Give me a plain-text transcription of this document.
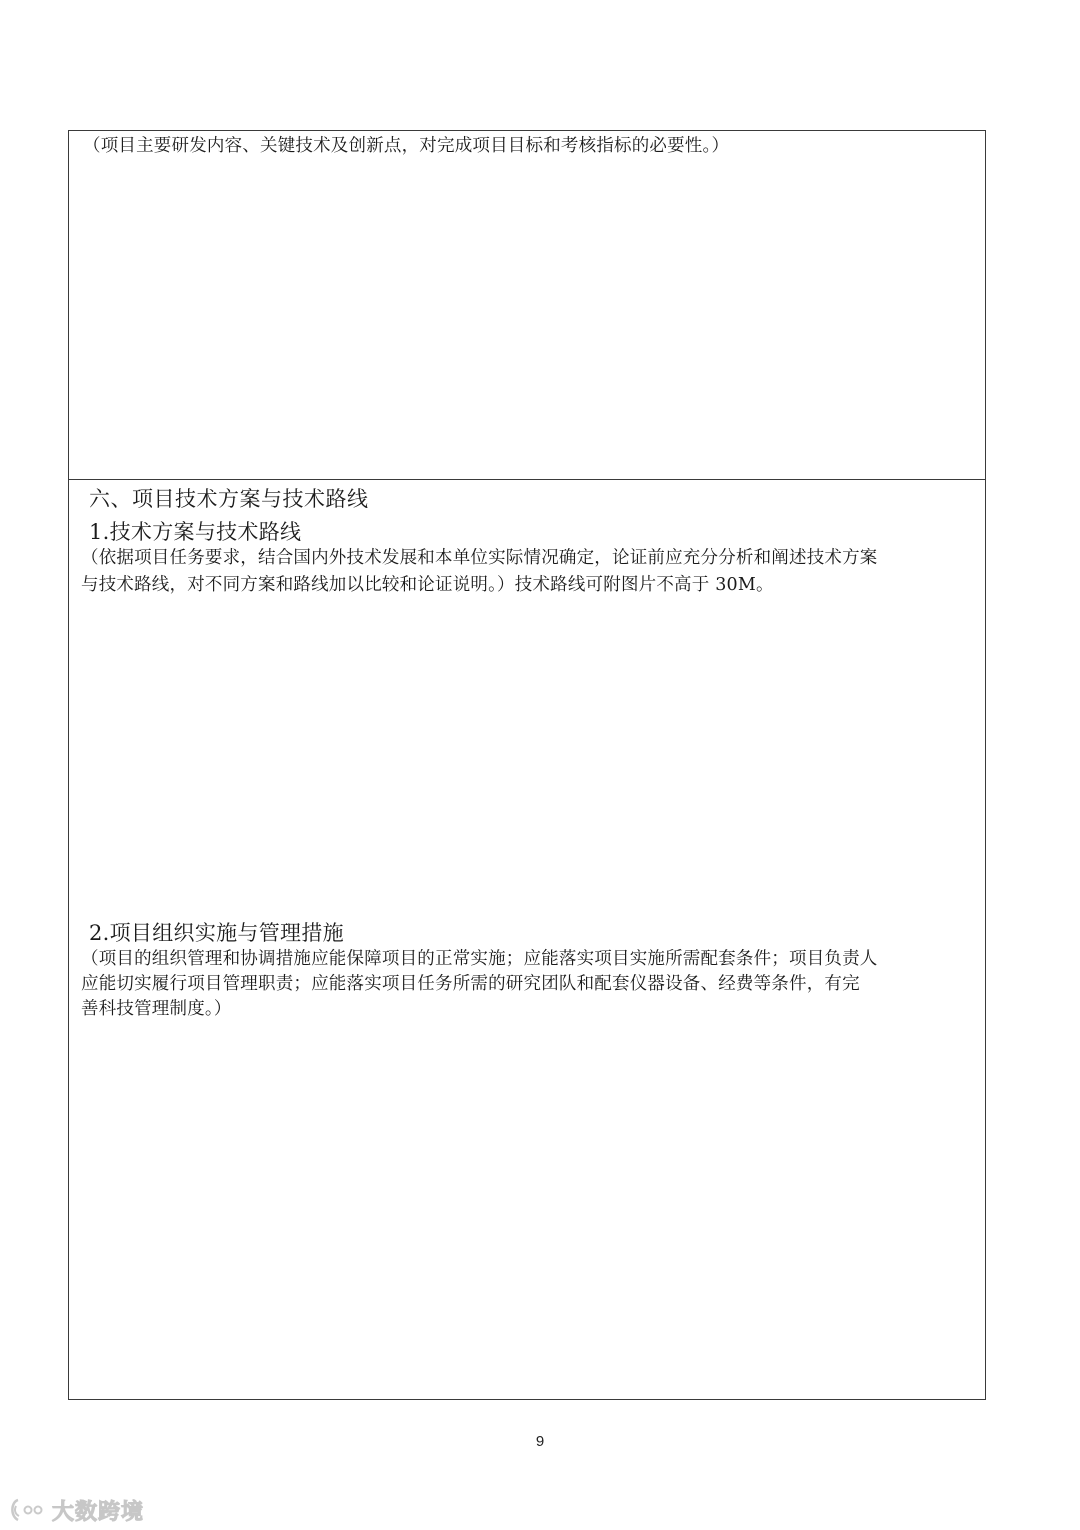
（项目主要研发内容、关键技术及创新点，对完成项目目标和考核指标的必要性。）
六、项目技术方案与技术路线
1.技术方案与技术路线
（依据项目任务要求，结合国内外技术发展和本单位实际情况确定，论证前应充分分析和阐述技术方案
与技术路线，对不同方案和路线加以比较和论证说明。）技术路线可附图片不高于 30M。
2.项目组织实施与管理措施
（项目的组织管理和协调措施应能保障项目的正常实施；应能落实项目实施所需配套条件；项目负责人
应能切实履行项目管理职责；应能落实项目任务所需的研究团队和配套仪器设备、经费等条件，有完
善科技管理制度。）
9
大数跨境
